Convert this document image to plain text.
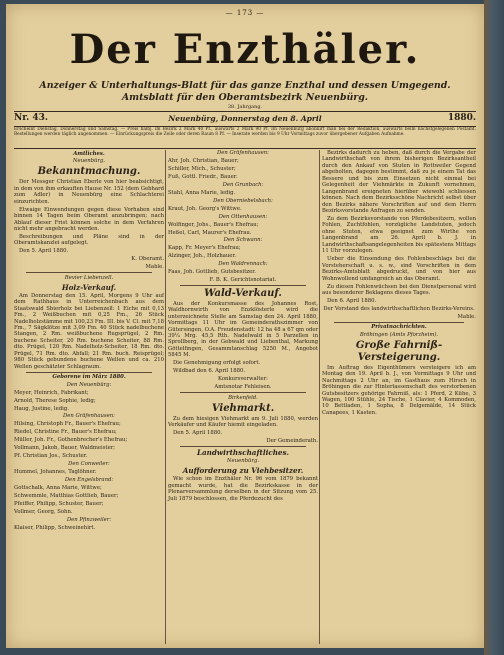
— 173 —
Der Enzthäler.
Anzeiger & Unterhaltungs-Blatt für das ganze Enzthal und dessen Umgegend.
Amtsblatt für den Oberamtsbezirk Neuenbürg.
38. Jahrgang.
Nr. 43.	Neuenbürg, Donnerstag den 8. April	1880.
Erscheint Dienstag, Donnerstag und Samstag. — Preis halbj. im Bezirk 2 Mark 40 Pf., auswärts 2 Mark 90 Pf. Im Neuenbürg abonnirt man bei der Redaktion, auswärts beim nächstgelegenen Postamt. Bestellungen werden täglich angenommen. — Einrückungspreis die Zeile oder deren Raum 8 Pf. — Inserate werden bis 9 Uhr Vormittags zuvor übergebener Aufgaben Aufnahme.

Amtliches.

Neuenbürg.

Bekanntmachung.

Der Messger Christian Eberle von hier beabsichtigt, in dem von ihm erkauften Hause Nr. 152 (dem Gebhard zum Adler) in Neuenbürg eine Schlachterei einzurichten.

Etwaige Einwendungen gegen diese Vorhaben sind binnen 14 Tagen beim Oberamt anzubringen; nach Ablauf dieser Frist können solche in dem Verfahren nicht mehr angebracht werden.

Beschreibungen und Pläne sind in der Oberamtskanzlei aufgelegt.

Den 5. April 1880.

K. Oberamt.

Mahle.

Revier Liebenzell.

Holz-Verkauf.

Am Donnerstag den 15. April, Morgens 9 Uhr auf dem Rathhaus in Unterreichenbach aus dem Staatswald Sbierholz bei Liebenzell: 1 Eiche mit 0,13 Fm., 2 Weißbuchen mit 0,25 Fm., 26 Stück Nadelholzstämme mit 100,23 Fm. III. bis V. Cl. mit 7,18 Fm., 7 Sägklötze mit 3,09 Fm. 40 Stück nadelbuchene Stangen, 2 Rm. weißbuchene Rugsprügel, 2 Rm. buchene Scheiter, 20 Rm. buchene Scheiter, 88 Rm. dto. Prügel, 120 Rm. Nadelholz-Scheiter, 18 Rm. dto. Prügel, 71 Rm. dto. Abfall; 21 Rm. buch. Reisprügel; 980 Stück gebundene buchene Wellen und ca. 210 Wellen geschätzter Schlagraum.

Geborene im März 1880.

Den Neuenbürg:

Meyer, Heinrich, Fabrikant;

Arnold, Therese Sophie, ledig;

Haug, Justine, ledig.

Den Gräfenhausen:

Hilsing, Christoph Fr., Bauer's Ehefrau;

Riedel, Christine Fr., Bauer's Ehefrau;

Müller, Joh. Fr., Gothenbrecher's Ehefrau;

Vollmann, Jakob, Bauer, Waldmeister;

Pf. Christian Jos., Schuster.

Den Conweiler:

Hummel, Johannes, Taglöhner.

Den Engelsbrand:

Gottschalk, Anna Marie, Wittwe;

Schwemmle, Matthias Gottlieb, Bauer;

Pfeiffer, Philipp, Schuster, Bauer;

Vollmer, Georg, Sohn.

Den Pfinzweiler:

Klaiser, Philipp, Schweinehirt.

Den Gräfenhausen:

Ahr, Joh. Christian, Bauer;

Schiller, Mich., Schuster;

Fuß, Gottl. Friedr., Bauer.

Den Grunbach:

Stahl, Anna Marie, ledig.

Den Oberniebelsbach:

Kraut, Joh. Georg's Wittwe.

Den Ottenhausen:

Wolfinger, Johs., Bauer's Ehefrau;

Heßel, Carl, Maurer's Ehefrau.

Den Schwann:

Kapp, Fr. Meyer's Ehefrau;

Alzinger, Joh., Holzhauer.

Den Waldrennach:

Faas, Joh. Gottlieb, Gutsbesitzer.

F. B. K. Gerichtsnotariat.

Wald-Verkauf.

Aus der Konkursmasse des Johannes Rost, Waldhornwirth von Enzklösterle wird die unterzeichnete Stelle am Samstag den 24. April 1880, Vormittags 11 Uhr im Gemeinderathszimmer von Gütersingen, O.A. Freudenstadt: 12 ha 48 a 67 qm oder 39¼ Mrg. 45,5 Rth. Nadelwald in 5 Parzellen in Sprollberg, in der Gebwald und Liebenthal, Markung Göttelfingen, Gesammtanschlag 5250 M., Angebot 5845 M.

Die Genehmigung erfolgt sofort.

Wildbad den 6. April 1880.

Konkursverwalter:

Amtsnotar Fehleisen.

Birkenfeld.

Viehmarkt.

Zu dem hiesigen Viehmarkt am 9. Juli 1880, werden Verkäufer und Käufer hiemit eingeladen.

Den 5. April 1880.

Der Gemeinderath.

Landwirthschaftliches.

Neuenbürg.

Aufforderung zu Viehbesitzer.

Wie schon im Enzthäler Nr. 96 vom 1879 bekannt gemacht wurde, hat die Bezirkskasse in der Plenarversammlung derselben in der Sitzung vom 25. Juli 1879 beschlossen, die Pferdezucht des

Bezirks dadurch zu heben, daß durch die Vergabe der Landwirthschaft von ihrem bisherigen Bezirksantheil durch den Ankauf von Stuten in Rottweiler Gegend abgeholten, dagegen bestimmt, daß zu je einem Tat das Bessere und bis zum Einsetzen nicht einmal bei Gelegenheit der Viehmärkte in Zukunft vornehmen, Langenbrand ereigneten hierüber wiewohl schliessen können. Nach dem Bezirksschöne Nachricht selbst über den Bezirks nähere Vorschriften auf und dem Herrn Bezirksvorstande Anfragen zu senden.

Zu dem Bezirksvorstande von Pferdebesitzern, wollen Fohlen, Zuchtfohlen, vorzügliche Landstuten, jedoch ohne Stuten, etwa geeignet zum Wirthe von Langenbrand am 26. April b. J. in Landwirthschaftsangelegenheiten bis spätestens Mittags 11 Uhr vorzulegen.

Ueber die Einsendung des Fohlenbeschlags bei die Vorsteherschaft u. s. w., sind Vorschriften in dem Bezirks-Amtsblatt abgedruckt, und von hier aus Wohnwollend umfangreich an das Oberamt.

Zu diesen Fohlenwüchsen bei den Dienstpersonal wird aus besonderer Beklagens dieses Tages.

Den 6. April 1880.

Der Vorstand des landwirthschaftlichen Bezirks-Vereins.

Mahle.

Privatnachrichten.

Bröhingen (Amts Pforzheim).

Große Fahrniß-Versteigerung.

Im Auftrag des Eigenthümers versteigere ich am Montag den 19. April b. J., von Vormittags 9 Uhr und Nachmittags 2 Uhr an, im Gasthaus zum Hirsch in Bröhingen die zur Hinterlassenschaft des verstorbenen Gutsbesitzers gehörige Fahrniß, als: 1 Pferd, 2 Kühe, 3 Wagen, 100 Stühle, 24 Tische, 1 Clavier, 4 Kommoden, 10 Bettladen, 1 Sopha, 8 Delgemälde, 14 Stück Canapees, 1 Kasten.
